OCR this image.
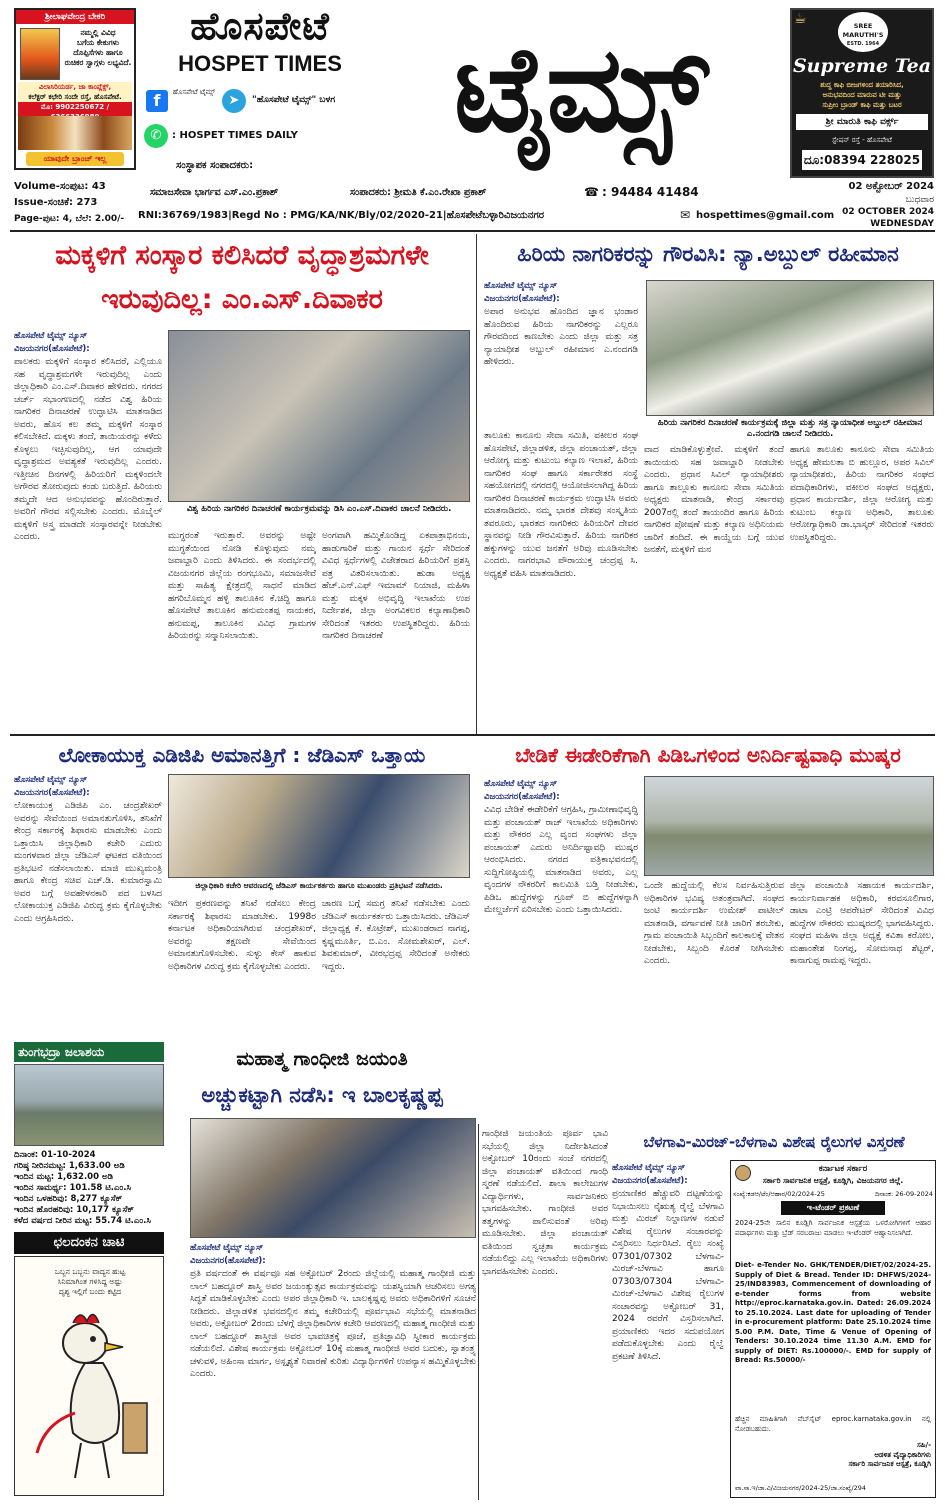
ಶ್ರೀಲಾಘವೇಂದ್ರ ಬೇಕರಿ
ನಮ್ಮಲ್ಲಿ ವಿವಿಧ
ಬಗೆಯ ಕೇಕುಗಳು
ದೊಪ್ಪಿಸೆಗಳು ಹಾಗೂ
ರುಚಿಕರ ಸ್ವಾಗ್ಗಳು ಲಭ್ಯವಿದೆ.
ವಿಲಾಸಿರಿಯರ್ಡ, ಜಾ ಕಾಂಪ್ಲೆಕ್ಸ್,
ಕಲೆಕ್ಟರ್ ಕಛೇರಿ ಸಂದೇ ರಸ್ತೆ, ಹೊಸಪೇಟೆ.
ಮೊ: 9902250672 /
ಯಾವುದೇ ಬ್ರಾಂಚ್ ಇಲ್ಲ
ಹೊಸಪೇಟೆ
HOSPET TIMES
f	ಹೊಸಪೇಟೆ ಟೈಮ್ಸ್
➤	"ಹೊಸಪೇಟೆ ಟೈಮ್ಸ್" ಬಳಗ
✆	: HOSPET TIMES DAILY
ಸಂಸ್ಥಾಪಕ ಸಂಪಾದಕರು:
ಟೈಮ್ಸ್	☕	SREE MARUTHI'S
ESTD. 1964
Supreme Tea
ಶುದ್ಧ ಕಾಫಿ ಬೀಜಗಳಿಂದ ತಯಾರಿಸಿದ,
ಅನುಭವದಿಂದ ಮಾರುವ ಟೀ ಮತ್ತು
ಸುಪ್ರೀಂ ಬ್ರಾಂಡ್ ಕಾಫಿ ಮತ್ತು ಬಟರ
ಶ್ರೀ ಮಾರುತಿ ಕಾಫಿ ವರ್ಕ್ಸ್
ಸ್ಟೇಷನ್ ರಸ್ತೆ - ಹೊಸಪೇಟೆ
ದೂ:08394 228025
Volume-ಸಂಪುಟ: 43
Issue-ಸಂಚಿಕೆ: 273
Page-ಪುಟ: 4, ಬೆಲೆ: 2.00/-
ಸಮಾಜಸೇವಾ ಭಾರ್ಗವ ಎಸ್.ಎಂ.ಪ್ರಕಾಶ್	ಸಂಪಾದಕರು: ಶ್ರೀಮತಿ ಕೆ.ಎಂ.ರೇಖಾ ಪ್ರಕಾಶ್	☎ : 94484 41484
RNI:36769/1983|Regd No : PMG/KA/NK/Bly/02/2020-21|ಹೊಸಪೇಟೆಬಳ್ಳಾರಿವಿಜಯನಗರ	✉ hospettimes@gmail.com
02 ಅಕ್ಟೋಬರ್ 2024
ಬುಧವಾರ
02 OCTOBER 2024
WEDNESDAY
ಮಕ್ಕಳಿಗೆ ಸಂಸ್ಕಾರ ಕಲಿಸಿದರೆ ವೃದ್ಧಾಶ್ರಮಗಳೇ
ಇರುವುದಿಲ್ಲ: ಎಂ.ಎಸ್.ದಿವಾಕರ
ಹೊಸಪೇಟೆ ಟೈಮ್ಸ್ ನ್ಯೂಸ್ ವಿಜಯನಗರ(ಹೊಸಪೇಟೆ):
ಪಾಲಕರು ಮಕ್ಕಳಿಗೆ ಸಂಸ್ಕಾರ ಕಲಿಸಿದರೆ, ಎಲ್ಲಿಯೂ ಸಹ ವೃದ್ಧಾಶ್ರಮಗಳೇ ಇರುವುದಿಲ್ಲ ಎಂದು ಜಿಲ್ಲಾಧಿಕಾರಿ ಎಂ.ಎಸ್.ದಿವಾಕರ ಹೇಳಿದರು. ನಗರದ ಚರ್ಚ್ ಸಭಾಂಗಣದಲ್ಲಿ ನಡೆದ ವಿಶ್ವ ಹಿರಿಯ ನಾಗರಿಕರ ದಿನಾಚರಣೆ ಉದ್ಘಾಟಿಸಿ ಮಾತನಾಡಿದ ಅವರು, ಹೊಸ ಕಲ ತಮ್ಮ ಮಕ್ಕಳಿಗೆ ಸಂಸ್ಕಾರ ಕಲಿಸಬೇಕಿದೆ. ಮಕ್ಕಳು ತಂದೆ, ತಾಯಿಯರನ್ನು ಕಳೆದು ಕೊಳ್ಳಲು ಇಚ್ಛಿಸುವುದಿಲ್ಲ, ಆಗ ಯಾವುದೇ ವೃದ್ಧಾಶ್ರಮದ ಅವಶ್ಯಕತೆ ಇರುವುದಿಲ್ಲ ಎಂದರು. ಇತ್ತೀಚಿನ ದಿನಗಳಲ್ಲಿ ಹಿರಿಯರಿಗೆ ಮಕ್ಕಳಿಂದಲೇ ಅಗೌರವ ತೋರುವುದು ಕಂಡು ಬರುತ್ತಿದೆ. ಹಿರಿಯರು ತಮ್ಮದೇ ಆದ ಅನುಭವವನ್ನು ಹೊಂದಿರುತ್ತಾರೆ. ಅವರಿಗೆ ಗೌರವ ಸಲ್ಲಿಸಬೇಕು ಎಂದರು. ಮೊಬೈಲ್ ಮಕ್ಕಳಿಗೆ ಅಸ್ತ್ರ ಮಾಡದೇ ಸಂಸ್ಕಾರವನ್ನೇ ನೀಡಬೇಕು ಎಂದರು.
ವಿಶ್ವ ಹಿರಿಯ ನಾಗರಿಕರ ದಿನಾಚರಣೆ ಕಾರ್ಯಕ್ರಮವನ್ನು ಡಿಸಿ ಎಂ.ಎಸ್.ದಿವಾಕರ ಚಾಲನೆ ನೀಡಿದರು.
ಮುಗ್ಧರಂತೆ ಇರುತ್ತಾರೆ. ಅವರನ್ನು ಅಷ್ಟೇ ಮುಗ್ಧತೆಯಿಂದ ನೋಡಿ ಕೊಳ್ಳುವುದು ನಮ್ಮ ಜವಾಬ್ದಾರಿ ಎಂದು ತಿಳಿಸಿದರು. ಈ ಸಂದರ್ಭದಲ್ಲಿ ವಿಜಯನಗರ ಜಿಲ್ಲೆಯ ರಂಗಭೂಮಿ, ಸಮಾಜಸೇವೆ ಮತ್ತು ಸಾಹಿತ್ಯ ಕ್ಷೇತ್ರದಲ್ಲಿ ಸಾಧನೆ ಮಾಡಿದ ಹಗರಿಬೊಮ್ಮನ ಹಳ್ಳಿ ತಾಲೂಕಿನ ಕೆ.ಚಿದ್ಧಿ ಹಾಗೂ ಹೊಸಪೇಟೆ ತಾಲೂಕಿನ ಹನುಮಂತಪ್ಪ ನಾಯಕರ, ಹನುಮಪ್ಪ, ತಾಲೂಕಿನ ವಿವಿಧ ಗ್ರಾಮಗಳ ಹಿರಿಯರನ್ನು ಸನ್ಮಾನಿಸಲಾಯಿತು.
ಅಂಗವಾಗಿ ಹಮ್ಮಿಕೊಂಡಿದ್ದ ಏಕಪಾತ್ರಾಭಿನಯ, ಹಾಡುಗಾರಿಕೆ ಮತ್ತು ಗಾಯನ ಸ್ಪರ್ಧೆ ಸೇರಿದಂತೆ ವಿವಿಧ ಸ್ಪರ್ಧೆಗಳಲ್ಲಿ ವಿಜೇತರಾದ ಹಿರಿಯರಿಗೆ ಪ್ರಶಸ್ತಿ ಪತ್ರ ವಿತರಿಸಲಾಯಿತು. ಹುಡಾ ಅಧ್ಯಕ್ಷ ಹೆಚ್.ಎನ್.ಎಫ್ ಇಮಾಮ್ ನಿಯಾಜಿ, ಮಹಿಳಾ ಮತ್ತು ಮಕ್ಕಳ ಅಭಿವೃದ್ಧಿ ಇಲಾಖೆಯ ಉಪ ನಿರ್ದೇಶಕ, ಜಿಲ್ಲಾ ಅಂಗವಿಕಲರ ಕಲ್ಯಾಣಾಧಿಕಾರಿ ಸೇರಿದಂತೆ ಇತರರು ಉಪಸ್ಥಿತರಿದ್ದರು. ಹಿರಿಯ ನಾಗರಿಕರ ದಿನಾಚರಣೆ
ಹಿರಿಯ ನಾಗರಿಕರನ್ನು ಗೌರವಿಸಿ: ನ್ಯಾ.ಅಬ್ದುಲ್ ರಹೀಮಾನ
ಹೊಸಪೇಟೆ ಟೈಮ್ಸ್ ನ್ಯೂಸ್ ವಿಜಯನಗರ(ಹೊಸಪೇಟೆ):
ಅಪಾರ ಅನುಭವ ಹೊಂದಿದ ಜ್ಞಾನ ಭಂಡಾರ ಹೊಂದಿರುವ ಹಿರಿಯ ನಾಗರಿಕರನ್ನು ಎಲ್ಲರೂ ಗೌರವದಿಂದ ಕಾಣಬೇಕು ಎಂದು ಜಿಲ್ಲಾ ಮತ್ತು ಸತ್ರ ನ್ಯಾಯಾಧೀಶ ಅಬ್ದುಲ್ ರಹೀಮಾನ ಎ.ನಂದಗಡಿ ಹೇಳಿದರು.
ಹಿರಿಯ ನಾಗರಿಕರ ದಿನಾಚರಣೆ ಕಾರ್ಯಕ್ರಮಕ್ಕೆ ಜಿಲ್ಲಾ ಮತ್ತು ಸತ್ರ ನ್ಯಾಯಾಧೀಶ ಅಬ್ದುಲ್ ರಹೀಮಾನ ಎ.ನಂದಗಡಿ ಚಾಲನೆ ನೀಡಿದರು.
ತಾಲೂಕು ಕಾನೂನು ಸೇವಾ ಸಮಿತಿ, ವಕೀಲರ ಸಂಘ ಹೊಸಪೇಟೆ, ಜಿಲ್ಲಾಡಳಿತ, ಜಿಲ್ಲಾ ಪಂಚಾಯತ್, ಜಿಲ್ಲಾ ಆರೋಗ್ಯ ಮತ್ತು ಕುಟುಂಬ ಕಲ್ಯಾಣ ಇಲಾಖೆ, ಹಿರಿಯ ನಾಗರಿಕರ ಸಂಘ ಹಾಗೂ ಸರ್ಕಾರೇತರ ಸಂಸ್ಥೆ ಸಹಯೋಗದಲ್ಲಿ ನಗರದಲ್ಲಿ ಆಯೋಜಿಸಲಾಗಿದ್ದ ಹಿರಿಯ ನಾಗರಿಕರ ದಿನಾಚರಣೆ ಕಾರ್ಯಕ್ರಮ ಉದ್ಘಾಟಿಸಿ ಅವರು ಮಾತನಾಡಿದರು. ನಮ್ಮ ಭಾರತ ದೇಶವು ಸಂಸ್ಕೃತಿಯ ತವರೂರು, ಭಾರತದ ನಾಗರಿಕರು ಹಿರಿಯರಿಗೆ ದೇವರ ಸ್ಥಾನವನ್ನು ನೀಡಿ ಗೌರವಿಸುತ್ತಾರೆ. ಹಿರಿಯ ನಾಗರಿಕರ ಹಕ್ಕುಗಳನ್ನು ಯುವ ಜನತೆಗೆ ಅರಿವು ಮೂಡಿಸಬೇಕು ಎಂದರು. ನಾಗರಭಾವಿ ಪೌರಾಯುಕ್ತ ಚಂದ್ರಪ್ಪ ಸಿ. ಅಧ್ಯಕ್ಷತೆ ವಹಿಸಿ ಮಾತನಾಡಿದರು.
ವಾದ ಮಾಡಿಕೊಳ್ಳುತ್ತೇವೆ. ಮಕ್ಕಳಿಗೆ ತಂದೆ ತಾಯಿಯರು ಸಹ ಜವಾಬ್ದಾರಿ ನೀಡಬೇಕು ಎಂದರು. ಪ್ರಧಾನ ಸಿವಿಲ್ ನ್ಯಾಯಾಧೀಶರು ಹಾಗೂ ತಾಲ್ಲೂಕು ಕಾನೂನು ಸೇವಾ ಸಮಿತಿಯ ಅಧ್ಯಕ್ಷರು ಮಾತನಾಡಿ, ಕೇಂದ್ರ ಸರ್ಕಾರವು 2007ರಲ್ಲಿ ತಂದೆ ತಾಯಂದಿರ ಹಾಗೂ ಹಿರಿಯ ನಾಗರಿಕರ ಪೋಷಣೆ ಮತ್ತು ಕಲ್ಯಾಣ ಅಧಿನಿಯಮ ಜಾರಿಗೆ ತಂದಿದೆ. ಈ ಕಾಯ್ದೆಯ ಬಗ್ಗೆ ಯುವ ಜನತೆಗೆ, ಮಕ್ಕಳಿಗೆ ಮನ
ಹಾಗೂ ತಾಲೂಕು ಕಾನೂನು ಸೇವಾ ಸಮಿತಿಯ ಅಧ್ಯಕ್ಷ ಹೇಮಲತಾ ಬಿ ಹುಲ್ಲೂರ, ಅಪರ ಸಿವಿಲ್ ನ್ಯಾಯಾಧೀಶರು, ಹಿರಿಯ ನಾಗರಿಕರ ಸಂಘದ ಪದಾಧಿಕಾರಿಗಳು, ವಕೀಲರ ಸಂಘದ ಅಧ್ಯಕ್ಷರು, ಪ್ರಧಾನ ಕಾರ್ಯದರ್ಶಿ, ಜಿಲ್ಲಾ ಆರೋಗ್ಯ ಮತ್ತು ಕುಟುಂಬ ಕಲ್ಯಾಣ ಅಧಿಕಾರಿ, ತಾಲೂಕು ಆರೋಗ್ಯಾಧಿಕಾರಿ ಡಾ.ಭಾಸ್ಕರ್ ಸೇರಿದಂತೆ ಇತರರು ಉಪಸ್ಥಿತರಿದ್ದರು.
ಲೋಕಾಯುಕ್ತ ಎಡಿಜಿಪಿ ಅಮಾನತ್ತಿಗೆ : ಜೆಡಿಎಸ್ ಒತ್ತಾಯ
ಹೊಸಪೇಟೆ ಟೈಮ್ಸ್ ನ್ಯೂಸ್ ವಿಜಯನಗರ(ಹೊಸಪೇಟೆ):
ಲೋಕಾಯುಕ್ತ ಎಡಿಜಿಪಿ ಎಂ. ಚಂದ್ರಶೇಖರ್ ಅವರನ್ನು ಸೇವೆಯಿಂದ ಅಮಾನತುಗೊಳಿಸಿ, ತನಿಖೆಗೆ ಕೇಂದ್ರ ಸರ್ಕಾರಕ್ಕೆ ಶಿಫಾರಸು ಮಾಡಬೇಕು ಎಂದು ಒತ್ತಾಯಿಸಿ ಜಿಲ್ಲಾಧಿಕಾರಿ ಕಚೇರಿ ಎದುರು ಮಂಗಳವಾರ ಜಿಲ್ಲಾ ಜೆಡಿಎಸ್ ಘಟಕದ ವತಿಯಿಂದ ಪ್ರತಿಭಟನೆ ನಡೆಸಲಾಯಿತು. ಮಾಜಿ ಮುಖ್ಯಮಂತ್ರಿ ಹಾಗೂ ಕೇಂದ್ರ ಸಚಿವ ಎಚ್.ಡಿ. ಕುಮಾರಸ್ವಾಮಿ ಅವರ ಬಗ್ಗೆ ಅವಹೇಳನಕಾರಿ ಪದ ಬಳಸಿದ ಲೋಕಾಯುಕ್ತ ಎಡಿಜಿಪಿ ವಿರುದ್ಧ ಕ್ರಮ ಕೈಗೊಳ್ಳಬೇಕು ಎಂದು ಆಗ್ರಹಿಸಿದರು.
ಜಿಲ್ಲಾಧಿಕಾರಿ ಕಚೇರಿ ಆವರಣದಲ್ಲಿ ಜೆಡಿಎಸ್ ಕಾರ್ಯಕರ್ತರು ಹಾಗೂ ಮುಖಂಡರು ಪ್ರತಿಭಟನೆ ನಡೆಸಿದರು.
ಇದೀಗ ಪ್ರಕರಣವನ್ನು ತನಿಖೆ ನಡೆಸಲು ಕೇಂದ್ರ ಸರ್ಕಾರಕ್ಕೆ ಶಿಫಾರಸು ಮಾಡಬೇಕು. 1998ರ ಕರ್ನಾಟಕ ಅಧಿಕಾರಿಯಾಗಿರುವ ಚಂದ್ರಶೇಖರ್, ಅವರನ್ನು ತಕ್ಷಣವೇ ಸೇವೆಯಿಂದ ಅಮಾನತುಗೊಳಿಸಬೇಕು. ಸುಳ್ಳು ಕೇಸ್ ಹಾಕುವ ಅಧಿಕಾರಿಗಳ ವಿರುದ್ಧ ಕ್ರಮ ಕೈಗೊಳ್ಳಬೇಕು ಎಂದರು.
ಚಾರಣ ಬಗ್ಗೆ ಸಮಗ್ರ ತನಿಖೆ ನಡೆಸಬೇಕು ಎಂದು ಜೆಡಿಎಸ್ ಕಾರ್ಯಕರ್ತರು ಒತ್ತಾಯಿಸಿದರು. ಜೆಡಿಎಸ್ ಜಿಲ್ಲಾಧ್ಯಕ್ಷ ಕೆ. ಕೊಟ್ರೇಶ್, ಮುಖಂಡರಾದ ನಾಗಪ್ಪ, ಕೃಷ್ಣಮೂರ್ತಿ, ಬಿ.ಎಂ. ಸೋಮಶೇಖರ್, ಎಲ್. ಶಿವಕುಮಾರ್, ವೀರಭದ್ರಪ್ಪ ಸೇರಿದಂತೆ ಅನೇಕರು ಇದ್ದರು.
ಬೇಡಿಕೆ ಈಡೇರಿಕೆಗಾಗಿ ಪಿಡಿಒಗಳಿಂದ ಅನಿರ್ದಿಷ್ಟವಾಧಿ ಮುಷ್ಕರ
ಹೊಸಪೇಟೆ ಟೈಮ್ಸ್ ನ್ಯೂಸ್ ವಿಜಯನಗರ(ಹೊಸಪೇಟೆ):
ವಿವಿಧ ಬೇಡಿಕೆ ಈಡೇರಿಕೆಗೆ ಆಗ್ರಹಿಸಿ, ಗ್ರಾಮೀಣಾಭಿವೃದ್ಧಿ ಮತ್ತು ಪಂಚಾಯತ್ ರಾಜ್ ಇಲಾಖೆಯ ಅಧಿಕಾರಿಗಳು ಮತ್ತು ನೌಕರರ ಎಲ್ಲ ವೃಂದ ಸಂಘಗಳು ಜಿಲ್ಲಾ ಪಂಚಾಯತ್ ಎದುರು ಅನಿರ್ದಿಷ್ಟಾವಧಿ ಮುಷ್ಕರ ಆರಂಭಿಸಿದರು. ನಗರದ ಪತ್ರಿಕಾಭವನದಲ್ಲಿ ಸುದ್ದಿಗೋಷ್ಠಿಯಲ್ಲಿ ಮಾತನಾಡಿದ ಅವರು, ಎಲ್ಲ ವೃಂದಗಳ ನೌಕರರಿಗೆ ಕಾಲಮಿತಿ ಬಡ್ತಿ ನೀಡಬೇಕು, ಪಿಡಿಒ ಹುದ್ದೆಗಳನ್ನು ಗ್ರೂಪ್ ಬಿ ಹುದ್ದೆಗಳನ್ನಾಗಿ ಮೇಲ್ದರ್ಜೆಗೆ ಏರಿಸಬೇಕು ಎಂದು ಒತ್ತಾಯಿಸಿದರು.
ಒಂದೇ ಹುದ್ದೆಯಲ್ಲಿ ಕೆಲಸ ನಿರ್ವಹಿಸುತ್ತಿರುವ ಅಧಿಕಾರಿಗಳ ಭವಿಷ್ಯ ಅತಂತ್ರವಾಗಿದೆ. ಸಂಘದ ಜಂಟಿ ಕಾರ್ಯದರ್ಶಿ ಉಮೇಶ್ ಪಾಟೀಲ್ ಮಾತನಾಡಿ, ವರ್ಗಾವಣೆ ನೀತಿ ಜಾರಿಗೆ ತರಬೇಕು, ಗ್ರಾಮ ಪಂಚಾಯಿತಿ ಸಿಬ್ಬಂದಿಗೆ ಕಾಲಕಾಲಕ್ಕೆ ವೇತನ ನೀಡಬೇಕು, ಸಿಬ್ಬಂದಿ ಕೊರತೆ ನೀಗಿಸಬೇಕು ಎಂದರು.
ಜಿಲ್ಲಾ ಪಂಚಾಯಿತಿ ಸಹಾಯಕ ಕಾರ್ಯದರ್ಶಿ, ಕಾರ್ಯನಿರ್ವಾಹಕ ಅಧಿಕಾರಿ, ಕರವಸೂಲಿಗಾರ, ಡಾಟಾ ಎಂಟ್ರಿ ಆಪರೇಟರ್ ಸೇರಿದಂತೆ ವಿವಿಧ ಹುದ್ದೆಗಳ ನೌಕರರು ಮುಷ್ಕರದಲ್ಲಿ ಭಾಗವಹಿಸಿದ್ದರು. ಸಂಘದ ಮಹಿಳಾ ಜಿಲ್ಲಾ ಅಧ್ಯಕ್ಷೆ ಕವಿತಾ ಕರೋಲ, ಮಹಾಂತೇಶ ನಿಂಗಪ್ಪ, ಸೋಮನಾಥ ಶೆಟ್ಟರ್, ಕಾನಾಗುಪ್ಪ ರಾಮಪ್ಪ ಇದ್ದರು.
ತುಂಗಭದ್ರಾ ಜಲಾಶಯ
ದಿನಾಂಕ: 01-10-2024
ಗರಿಷ್ಠ ನೀರಿನಮಟ್ಟ: 1,633.00 ಅಡಿ
ಇಂದಿನ ಮಟ್ಟ: 1,632.00 ಅಡಿ
ಇಂದಿನ ಸಾಮರ್ಥ್ಯ: 101.58 ಟಿ.ಎಂ.ಸಿ
ಇಂದಿನ ಒಳಹರಿವು: 8,277 ಕ್ಯೂಸೆಕ್
ಇಂದಿನ ಹೊರಹರಿವು: 10,177 ಕ್ಯೂಸೆಕ್
ಕಳೆದ ವರ್ಷದ ನೀರಿನ ಮಟ್ಟ: 55.74 ಟಿ.ಎಂ.ಸಿ
ಛಲದಂಕನ ಚಾಟಿ
ಒಬ್ಬನ ಒಬ್ಬನು ವಾದ್ಯನ ಹುಟ್ಟ
ಸಿನಿಮಾಗಿಂತ ಗಳಿಸಿದ್ದ ಅಷ್ಟು
ದೃಶ್ಯ ಇಲ್ಲಿಗೆ ಬಂದು ಕಟ್ಟಿದ
ಮಹಾತ್ಮ ಗಾಂಧೀಜಿ ಜಯಂತಿ
ಅಚ್ಚುಕಟ್ಟಾಗಿ ನಡೆಸಿ: ಇ ಬಾಲಕೃಷ್ಣಪ್ಪ
ಹೊಸಪೇಟೆ ಟೈಮ್ಸ್ ನ್ಯೂಸ್ ವಿಜಯನಗರ(ಹೊಸಪೇಟೆ):
ಪ್ರತಿ ವರ್ಷದಂತೆ ಈ ವರ್ಷವೂ ಸಹ ಅಕ್ಟೋಬರ್ 2ರಂದು ಜಿಲ್ಲೆಯಲ್ಲಿ ಮಹಾತ್ಮ ಗಾಂಧೀಜಿ ಮತ್ತು ಲಾಲ್ ಬಹದ್ದೂರ್ ಶಾಸ್ತ್ರಿ ಅವರ ಜಯಂತ್ಯುತ್ಸವ ಕಾರ್ಯಕ್ರಮವನ್ನು ಯಶಸ್ವಿಯಾಗಿ ಆಚರಿಸಲು ಅಗತ್ಯ ಸಿದ್ಧತೆ ಮಾಡಿಕೊಳ್ಳಬೇಕು ಎಂದು ಅಪರ ಜಿಲ್ಲಾಧಿಕಾರಿ ಇ. ಬಾಲಕೃಷ್ಣಪ್ಪ ಅವರು ಅಧಿಕಾರಿಗಳಿಗೆ ಸೂಚನೆ ನೀಡಿದರು. ಜಿಲ್ಲಾಡಳಿತ ಭವನದಲ್ಲಿನ ತಮ್ಮ ಕಚೇರಿಯಲ್ಲಿ ಪೂರ್ವಭಾವಿ ಸಭೆಯಲ್ಲಿ ಮಾತನಾಡಿದ ಅವರು, ಅಕ್ಟೋಬರ್ 2ರಂದು ಬೆಳಗ್ಗೆ ಜಿಲ್ಲಾಧಿಕಾರಿಗಳ ಕಚೇರಿ ಆವರಣದಲ್ಲಿ ಮಹಾತ್ಮ ಗಾಂಧೀಜಿ ಮತ್ತು ಲಾಲ್ ಬಹದ್ದೂರ್ ಶಾಸ್ತ್ರೀಜಿ ಅವರ ಭಾವಚಿತ್ರಕ್ಕೆ ಪೂಜೆ, ಪ್ರತಿಜ್ಞಾವಿಧಿ ಸ್ವೀಕಾರ ಕಾರ್ಯಕ್ರಮ ನಡೆಯಲಿದೆ. ವಿಶೇಷ ಕಾರ್ಯಕ್ರಮ ಅಕ್ಟೋಬರ್ 10ಕ್ಕೆ ಮಹಾತ್ಮ ಗಾಂಧೀಜಿ ಅವರ ಬದುಕು, ಸ್ವಾತಂತ್ರ್ಯ ಚಳುವಳಿ, ಅಹಿಂಸಾ ಮಾರ್ಗ, ಅಸ್ಪೃಶ್ಯತೆ ನಿವಾರಣೆ ಕುರಿತು ವಿದ್ಯಾರ್ಥಿಗಳಿಗೆ ಉಪನ್ಯಾಸ ಹಮ್ಮಿಕೊಳ್ಳಬೇಕು ಎಂದರು.
ಗಾಂಧೀಜಿ ಜಯಂತಿಯ ಪೂರ್ವ ಭಾವಿ ಸಭೆಯಲ್ಲಿ ಜಿಲ್ಲಾ ನಿರ್ದೇಶಿಸಿದಂತೆ ಅಕ್ಟೋಬರ್ 10ರಂದು ಸಂಜೆ ನಗರದಲ್ಲಿ ಜಿಲ್ಲಾ ಪಂಚಾಯತ್ ವತಿಯಿಂದ ಗಾಂಧಿ ಸ್ಮರಣೆ ನಡೆಯಲಿದೆ. ಶಾಲಾ ಕಾಲೇಜುಗಳ ವಿದ್ಯಾರ್ಥಿಗಳು, ಸಾರ್ವಜನಿಕರು ಭಾಗವಹಿಸಬೇಕು. ಗಾಂಧೀಜಿ ಅವರ ತತ್ವಗಳನ್ನು ಪಾಲಿಸುವಂತೆ ಅರಿವು ಮೂಡಿಸಬೇಕು. ಜಿಲ್ಲಾ ಪಂಚಾಯತ್ ವತಿಯಿಂದ ಸ್ವಚ್ಛತಾ ಕಾರ್ಯಕ್ರಮ ನಡೆಯಲಿದ್ದು ಎಲ್ಲ ಇಲಾಖೆಯ ಅಧಿಕಾರಿಗಳು ಭಾಗವಹಿಸಬೇಕು ಎಂದರು.
ಬೆಳಗಾವಿ-ಮಿರಜ್-ಬೆಳಗಾವಿ ವಿಶೇಷ ರೈಲುಗಳ ವಿಸ್ತರಣೆ
ಹೊಸಪೇಟೆ ಟೈಮ್ಸ್ ನ್ಯೂಸ್ ವಿಜಯನಗರ(ಹೊಸಪೇಟೆ):
ಪ್ರಯಾಣಿಕರ ಹೆಚ್ಚುವರಿ ದಟ್ಟಣೆಯನ್ನು ನಿಭಾಯಿಸಲು ನೈಋತ್ಯ ರೈಲ್ವೆ ಬೆಳಗಾವಿ ಮತ್ತು ಮಿರಜ್ ನಿಲ್ದಾಣಗಳ ನಡುವೆ ವಿಶೇಷ ರೈಲುಗಳ ಸಂಚಾರವನ್ನು ವಿಸ್ತರಿಸಲು ನಿರ್ಧರಿಸಿದೆ. ರೈಲು ಸಂಖ್ಯೆ 07301/07302 ಬೆಳಗಾವಿ-ಮಿರಜ್-ಬೆಳಗಾವಿ ಹಾಗೂ 07303/07304 ಬೆಳಗಾವಿ-ಮಿರಜ್-ಬೆಳಗಾವಿ ವಿಶೇಷ ರೈಲುಗಳ ಸಂಚಾರವನ್ನು ಅಕ್ಟೋಬರ್ 31, 2024 ರವರೆಗೆ ವಿಸ್ತರಿಸಲಾಗಿದೆ. ಪ್ರಯಾಣಿಕರು ಇದರ ಸದುಪಯೋಗ ಪಡೆದುಕೊಳ್ಳಬೇಕು ಎಂದು ರೈಲ್ವೆ ಪ್ರಕಟಣೆ ತಿಳಿಸಿದೆ.
ಕರ್ನಾಟಕ ಸರ್ಕಾರ
ಸರ್ಕಾರಿ ಸಾರ್ವಜನಿಕ ಆಸ್ಪತ್ರೆ, ಕೂಡ್ಲಿಗಿ, ವಿಜಯನಗರ ಜಿಲ್ಲೆ.
ಸಂಖ್ಯೆ:ಕಡಆ/ಟೆಂ/ಆಹಾರ/02/2024-25	ದಿನಾಂಕ: 26-09-2024
ಇ-ಟೆಂಡರ್ ಪ್ರಕಟಣೆ
2024-25ನೇ ಸಾಲಿನ ಕೂಡ್ಲಿಗಿ ಸಾರ್ವಜನಿಕ ಆಸ್ಪತ್ರೆಯ ಒಳರೋಗಿಗಳಿಗೆ ಆಹಾರ ಪದಾರ್ಥಗಳು ಮತ್ತು ಬ್ರೆಡ್ ಸರಬರಾಜು ಮಾಡಲು ಇ-ಟೆಂಡರ್ ಆಹ್ವಾನಿಸಲಾಗಿದೆ.
Diet- e-Tender No. GHK/TENDER/DIET/02/2024-25. Supply of Diet & Bread. Tender ID: DHFWS/2024-25/IND83983, Commencement of downloading of e-tender forms from website http://eproc.karnataka.gov.in. Dated: 26.09.2024 to 25.10.2024. Last date for uploading of Tender in e-procurement platform: Date 25.10.2024 time 5.00 P.M. Date, Time & Venue of Opening of Tenders: 30.10.2024 time 11.30 A.M. EMD for supply of DIET: Rs.100000/-. EMD for supply of Bread: Rs.50000/-
ಹೆಚ್ಚಿನ ಮಾಹಿತಿಗಾಗಿ ವೆಬ್‌ಸೈಟ್ eproc.karnataka.gov.in ನಲ್ಲಿ ನೋಡಬಹುದು.
ಸಹಿ/-
ಆಡಳಿತ ವೈದ್ಯಾಧಿಕಾರಿಗಳು
ಸರ್ಕಾರಿ ಸಾರ್ವಜನಿಕ ಆಸ್ಪತ್ರೆ, ಕೂಡ್ಲಿಗಿ
ವಾ.ಸಾ.ಇ/ಜಾ.ವಿ/ವಿಜಯನಗರ/2024-25/ಜಾ.ಸಂಖ್ಯೆ/294
